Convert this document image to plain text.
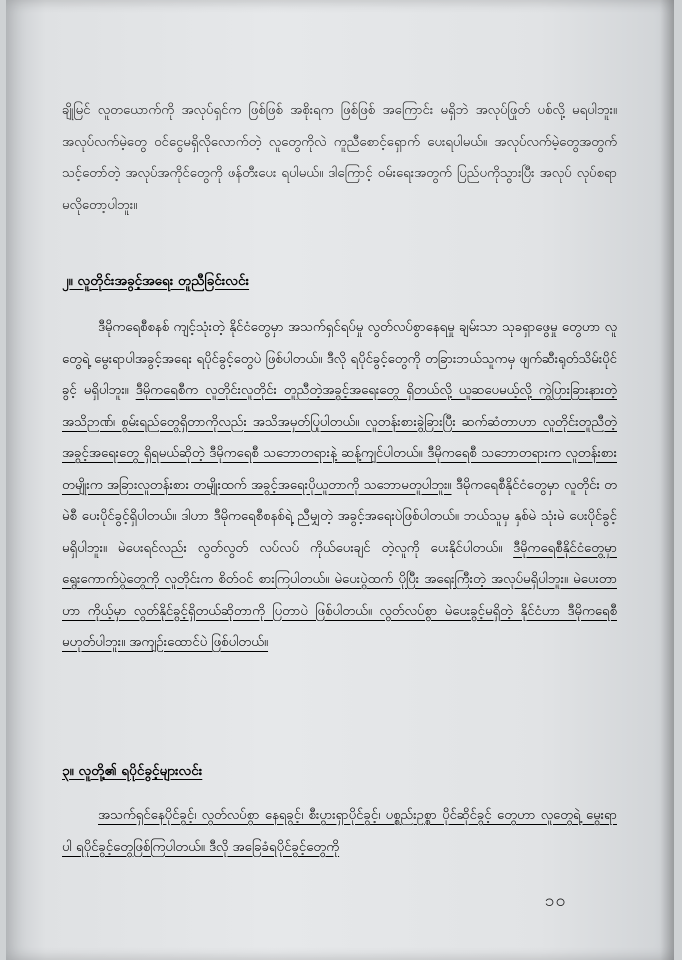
ချိုမြင် လူတယောက်ကို အလုပ်ရှင်က ဖြစ်ဖြစ် အစိုးရက ဖြစ်ဖြစ် အကြောင်း မရှိဘဲ အလုပ်ဖြုတ် ပစ်လို့ မရပါဘူး။ အလုပ်လက်မဲ့တွေ ဝင်ငွေမရှိလိုလောက်တဲ့ လူတွေကိုလဲ ကူညီစောင့်ရှောက် ပေးရပါမယ်။ အလုပ်လက်မဲ့တွေအတွက် သင့်တော်တဲ့ အလုပ်အကိုင်တွေကို ဖန်တီးပေး ရပါမယ်။ ဒါကြောင့် ဝမ်းရေးအတွက် ပြည်ပကိုသွားပြီး အလုပ် လုပ်စရာ မလိုတော့ပါဘူး။

၂။ လူတိုင်းအခွင့်အရေး တူညီခြင်းလင်း

ဒီမိုကရေစီစနစ် ကျင့်သုံးတဲ့ နိုင်ငံတွေမှာ အသက်ရှင်ရပ်မှု လွတ်လပ်စွာနေရမှု ချမ်းသာ သုခရှာဖွေမှု တွေဟာ လူတွေရဲ့ မွေးရာပါအခွင့်အရေး ရပိုင်ခွင့်တွေပဲ ဖြစ်ပါတယ်။ ဒီလို ရပိုင်ခွင့်တွေကို တခြားဘယ်သူကမှ ဖျက်ဆီးရုတ်သိမ်းပိုင်ခွင့် မရှိပါဘူး။ ဒီမိုကရေစီက လူတိုင်းလူတိုင်း တူညီတဲ့အခွင့်အရေးတွေ ရှိတယ်လို့ ယူဆပေမယ့်လို့ ကွဲပြားခြားနားတဲ့ အသိဉာဏ်၊ စွမ်းရည်တွေရှိတာကိုလည်း အသိအမှတ်ပြုပါတယ်။ လူတန်းစားခွဲခြားပြီး ဆက်ဆံတာဟာ လူတိုင်းတူညီတဲ့ အခွင့်အရေးတွေ ရှိရမယ်ဆိုတဲ့ ဒီမိုကရေစီ သဘောတရားနဲ့ ဆန့်ကျင်ပါတယ်။ ဒီမိုကရေစီ သဘောတရားက လူတန်းစားတမျိုးက အခြားလူတန်းစား တမျိုးထက် အခွင့်အရေးပိုယူတာကို သဘောမတူပါဘူး။ ဒီမိုကရေစီနိုင်ငံတွေမှာ လူတိုင်း တမဲစီ ပေးပိုင်ခွင့်ရှိပါတယ်။ ဒါဟာ ဒီမိုကရေစီစနစ်ရဲ့ ညီမျှတဲ့ အခွင့်အရေးပဲဖြစ်ပါတယ်။ ဘယ်သူမှ နှစ်မဲ သုံးမဲ ပေးပိုင်ခွင့်မရှိပါဘူး။ မဲပေးရင်လည်း လွတ်လွတ် လပ်လပ် ကိုယ်ပေးချင် တဲ့လူကို ပေးနိုင်ပါတယ်။ ဒီမိုကရေစီနိုင်ငံတွေမှာ ရွေးကောက်ပွဲတွေကို လူတိုင်းက စိတ်ဝင် စားကြပါတယ်။ မဲပေးပွဲထက် ပိုပြီး အရေးကြီးတဲ့ အလုပ်မရှိပါဘူး။ မဲပေးတာဟာ ကိုယ့်မှာ လွတ်နိုင်ခွင့်ရှိတယ်ဆိုတာကို ပြတာပဲ ဖြစ်ပါတယ်။ လွတ်လပ်စွာ မဲပေးခွင့်မရှိတဲ့ နိုင်ငံဟာ ဒီမိုကရေစီ မဟုတ်ပါဘူး။ အကျဉ်းထောင်ပဲ ဖြစ်ပါတယ်။

၃။ လူတို့၏ ရပိုင်ခွင့်များလင်း

အသက်ရှင်နေပိုင်ခွင့်၊ လွတ်လပ်စွာ နေရခွင့်၊ စီးပွားရှာပိုင်ခွင့်၊ ပစ္စည်းဥစ္စာ ပိုင်ဆိုင်ခွင့် တွေဟာ လူတွေရဲ့ မွေးရာပါ ရပိုင်ခွင့်တွေဖြစ်ကြပါတယ်။ ဒီလို အခြေခံရပိုင်ခွင့်တွေကို

၁၀
